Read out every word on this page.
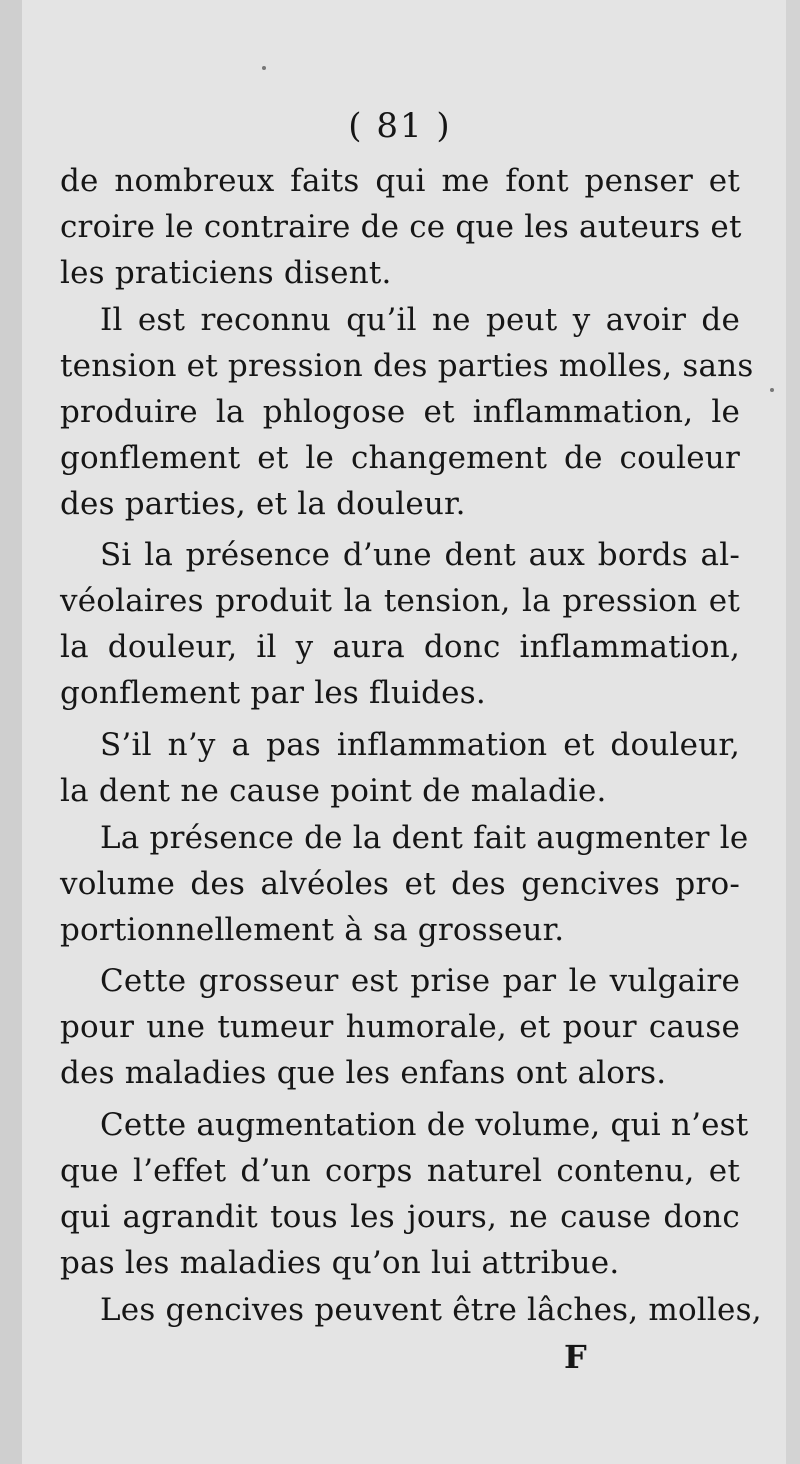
( 81 )
de nombreux faits qui me font penser et
croire le contraire de ce que les auteurs et
les praticiens disent.
Il est reconnu qu’il ne peut y avoir de
tension et pression des parties molles, sans
produire la phlogose et inflammation, le
gonflement et le changement de couleur
des parties, et la douleur.
Si la présence d’une dent aux bords al-
véolaires produit la tension, la pression et
la douleur, il y aura donc inflammation,
gonflement par les fluides.
S’il n’y a pas inflammation et douleur,
la dent ne cause point de maladie.
La présence de la dent fait augmenter le
volume des alvéoles et des gencives pro-
portionnellement à sa grosseur.
Cette grosseur est prise par le vulgaire
pour une tumeur humorale, et pour cause
des maladies que les enfans ont alors.
Cette augmentation de volume, qui n’est
que l’effet d’un corps naturel contenu, et
qui agrandit tous les jours, ne cause donc
pas les maladies qu’on lui attribue.
Les gencives peuvent être lâches, molles,
F
